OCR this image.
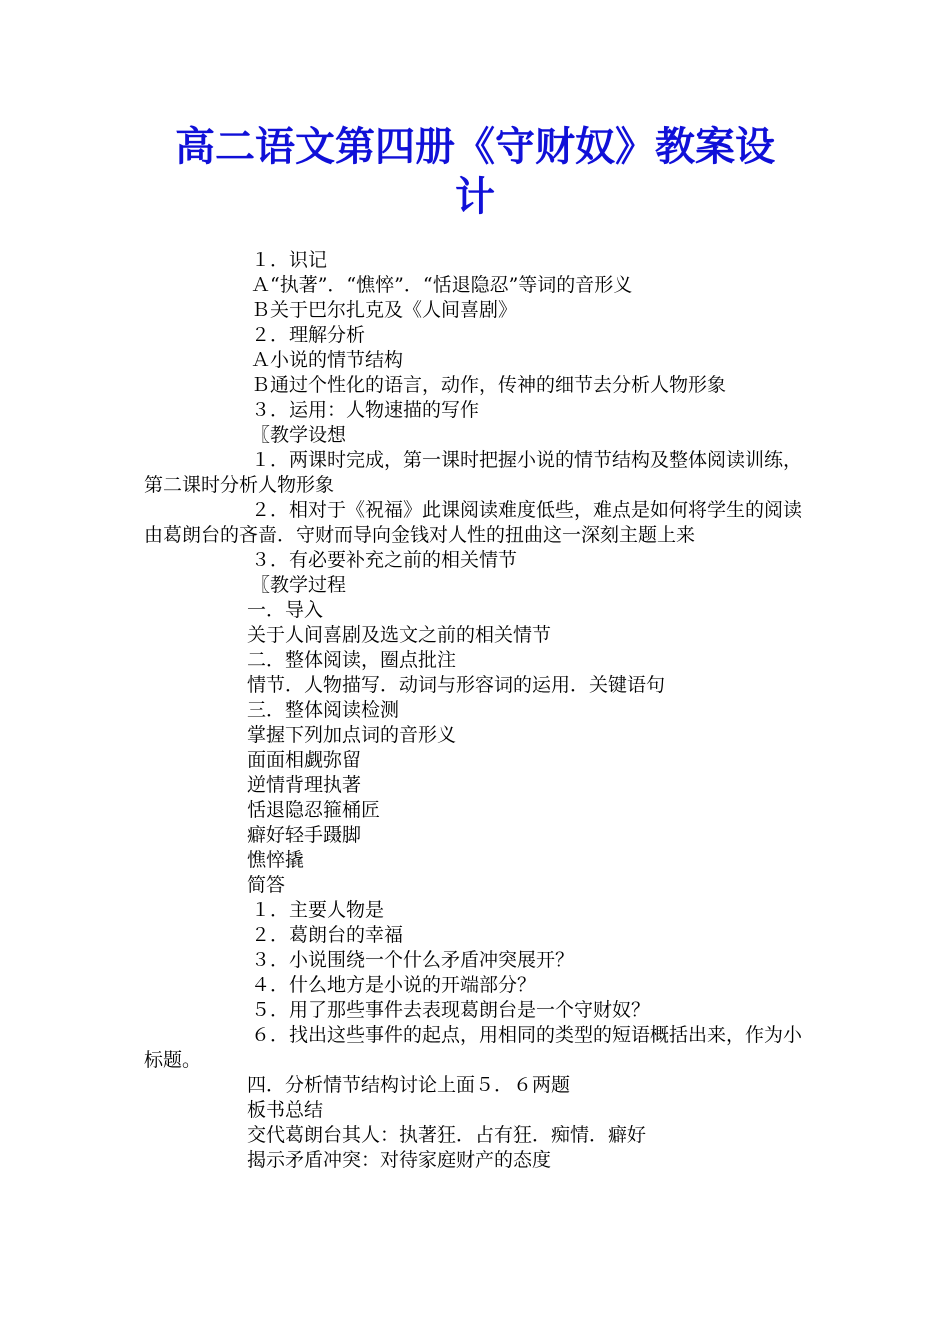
高二语文第四册《守财奴》教案设
计

１．识记

Ａ“执著”．“憔悴”．“恬退隐忍”等词的音形义

Ｂ关于巴尔扎克及《人间喜剧》

２．理解分析

Ａ小说的情节结构

Ｂ通过个性化的语言，动作，传神的细节去分析人物形象

３．运用：人物速描的写作

〖教学设想

１．两课时完成，第一课时把握小说的情节结构及整体阅读训练，第二课时分析人物形象

２．相对于《祝福》此课阅读难度低些，难点是如何将学生的阅读由葛朗台的吝啬．守财而导向金钱对人性的扭曲这一深刻主题上来

３．有必要补充之前的相关情节

〖教学过程

一．导入

关于人间喜剧及选文之前的相关情节

二．整体阅读，圈点批注

情节．人物描写．动词与形容词的运用．关键语句

三．整体阅读检测

掌握下列加点词的音形义

面面相觑弥留

逆情背理执著

恬退隐忍箍桶匠

癖好轻手蹑脚

憔悴撬

简答

１．主要人物是

２．葛朗台的幸福

３．小说围绕一个什么矛盾冲突展开？

４．什么地方是小说的开端部分？

５．用了那些事件去表现葛朗台是一个守财奴？

６．找出这些事件的起点，用相同的类型的短语概括出来，作为小标题。

四．分析情节结构讨论上面５．６两题

板书总结

交代葛朗台其人：执著狂．占有狂．痴情．癖好

揭示矛盾冲突：对待家庭财产的态度
